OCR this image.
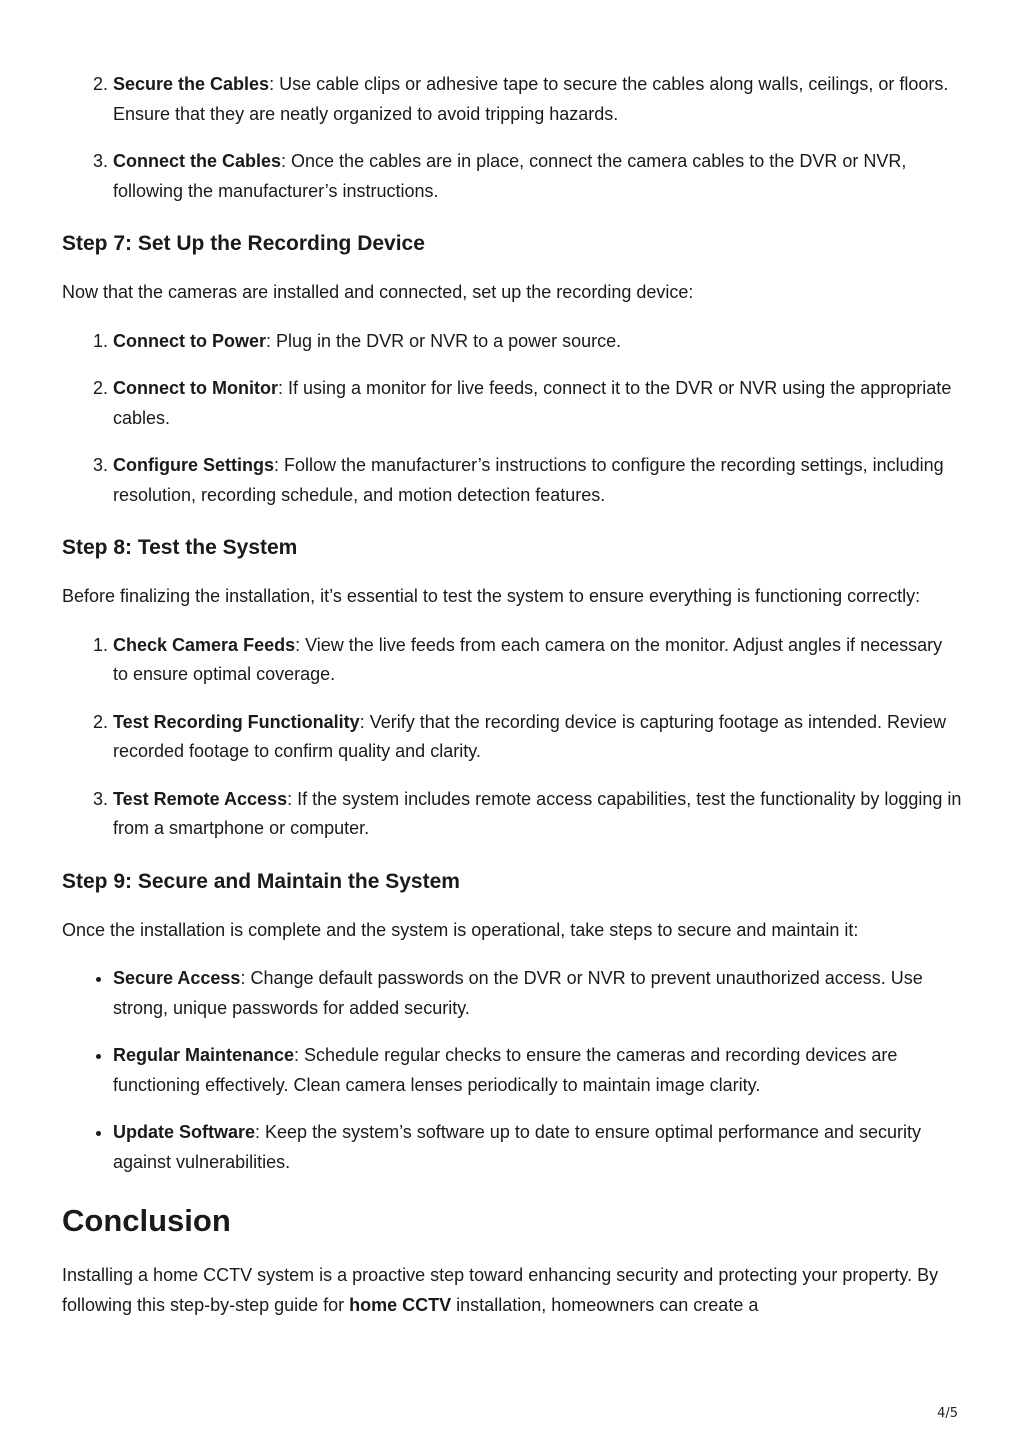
2. Secure the Cables: Use cable clips or adhesive tape to secure the cables along walls, ceilings, or floors. Ensure that they are neatly organized to avoid tripping hazards.
3. Connect the Cables: Once the cables are in place, connect the camera cables to the DVR or NVR, following the manufacturer’s instructions.
Step 7: Set Up the Recording Device

Now that the cameras are installed and connected, set up the recording device:

1. Connect to Power: Plug in the DVR or NVR to a power source.
2. Connect to Monitor: If using a monitor for live feeds, connect it to the DVR or NVR using the appropriate cables.
3. Configure Settings: Follow the manufacturer’s instructions to configure the recording settings, including resolution, recording schedule, and motion detection features.
Step 8: Test the System

Before finalizing the installation, it’s essential to test the system to ensure everything is functioning correctly:

1. Check Camera Feeds: View the live feeds from each camera on the monitor. Adjust angles if necessary to ensure optimal coverage.
2. Test Recording Functionality: Verify that the recording device is capturing footage as intended. Review recorded footage to confirm quality and clarity.
3. Test Remote Access: If the system includes remote access capabilities, test the functionality by logging in from a smartphone or computer.
Step 9: Secure and Maintain the System

Once the installation is complete and the system is operational, take steps to secure and maintain it:

• Secure Access: Change default passwords on the DVR or NVR to prevent unauthorized access. Use strong, unique passwords for added security.
• Regular Maintenance: Schedule regular checks to ensure the cameras and recording devices are functioning effectively. Clean camera lenses periodically to maintain image clarity.
• Update Software: Keep the system’s software up to date to ensure optimal performance and security against vulnerabilities.
Conclusion

Installing a home CCTV system is a proactive step toward enhancing security and protecting your property. By following this step-by-step guide for home CCTV installation, homeowners can create a

4/5
